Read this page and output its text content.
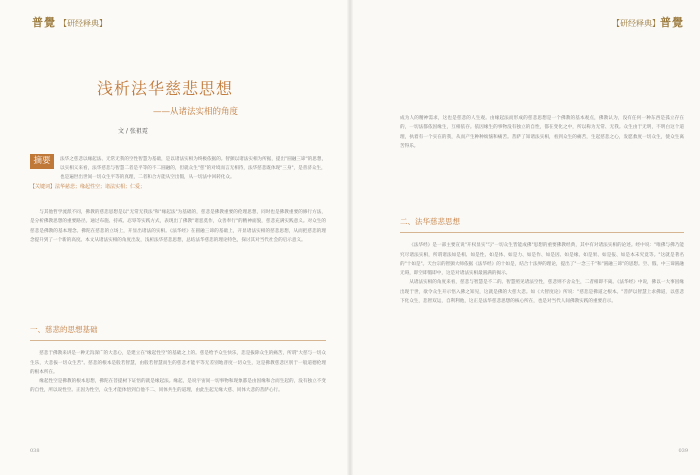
普覺 【研经释典】
浅析法华慈悲思想
——从诸法实相的角度
文 / 张祖霓
摘要	法华之慈悲以缘起法、无常无我的空性智慧为基础，是以诸法实相为终极依据的。智顗以诸法实相为所据，提出"圆融三谛"的思想，以实相义来看，法华慈悲与智慧二者是平等的不二圆融的，但就众生"慈"的对境而言无相待，法华慈悲既体现"三身"，是普济众生，也是遍世出世间一切众生平等的真理，二者和合方能从空出假，从一切法中回转化众。
【关键词】法华慈悲；缘起性空；诸法实相；仁爱；

与其他哲学流派不同，佛教的慈悲思想是以"无常无我法"和"缘起法"为基础的，慈悲是佛教重要的伦理思想，同时也是佛教重要的修行方法，是分析佛教思想的重要路径。通过布施、持戒、忍辱等实践方式，表现出了佛教"诸恶莫作，众善奉行"的精神面貌，慈悲充满实践意义。对众生的慈悲是佛教的基本理念。佛陀在慈悲的立场上，开显出诸法的实相。《法华经》在圆融三谛的基础上，开显诸法实相的慈悲思想，从而把慈悲的理念提升到了一个新的高度。本文从诸法实相的角度出发，浅析法华慈悲思想，总结法华慈悲的理论特色，探讨其对当代社会的启示意义。

一、慈悲的思想基础

慈悲于佛教来讲是一种无沟深广的大悲心，是建立在"缘起性空"的基础之上的。慈是给予众生快乐，悲是拔除众生的痛苦，所谓"大慈与一切众生乐，大悲拔一切众生苦"。慈悲的根本是般若智慧，由般若智慧而生的慈悲才能平等无差别地普度一切众生，这是佛教慈悲区别于一般道德伦理的根本所在。

缘起性空是佛教的根本思想，佛陀在菩提树下证悟的就是缘起法。缘起，是说宇宙间一切事物和现象都是由因缘和合而生起的，没有独立不变的自性，所以说性空。正因为性空，众生才能体悟到自他不二、同体共生的道理，由此生起无缘大慈、同体大悲的菩萨心行。

038
【研经释典】普覺

成为人的精神需求，这也是慈悲的人生观。由缘起法而形成的慈悲思想是一个佛教的基本观点，佛教认为，没有任何一种东西是孤立存在的，一切法都依因缘生，互相依存。依因缘生的事物没有独立的自性，都在变化之中，所以称为无常、无我。众生由于无明，不明白这个道理，执着有一个实在的我，从而产生种种烦恼和痛苦。菩萨了知诸法实相，看到众生的痛苦，生起慈悲之心，发愿救度一切众生，使众生离苦得乐。

二、法华慈悲思想

《法华经》是一部主要宣说"开权显实"与"一切众生皆能成佛"思想的重要佛教经典，其中有对诸法实相的论述。经中说："唯佛与佛乃能究尽诸法实相，所谓诸法如是相、如是性、如是体、如是力、如是作、如是因、如是缘、如是果、如是报、如是本末究竟等。"这就是著名的"十如是"。天台宗的智顗大师依据《法华经》的十如是，结合十法界的理论，提出了"一念三千"和"圆融三谛"的思想。空、假、中三谛圆融无碍，即空即假即中，这是对诸法实相最圆满的揭示。

从诸法实相的角度来看，慈悲与智慧是不二的。智慧照见诸法空性，慈悲则不舍众生，二者相即不离。《法华经》中说，佛以一大事因缘出现于世，欲令众生开示悟入佛之知见，这就是佛的大慈大悲。如《大智度论》所说："慈悲是佛道之根本。"菩萨以智慧上求佛道，以慈悲下化众生，悲智双运，自利利他，这正是法华慈悲思想的核心所在，也是对当代人间佛教实践的重要启示。

039
